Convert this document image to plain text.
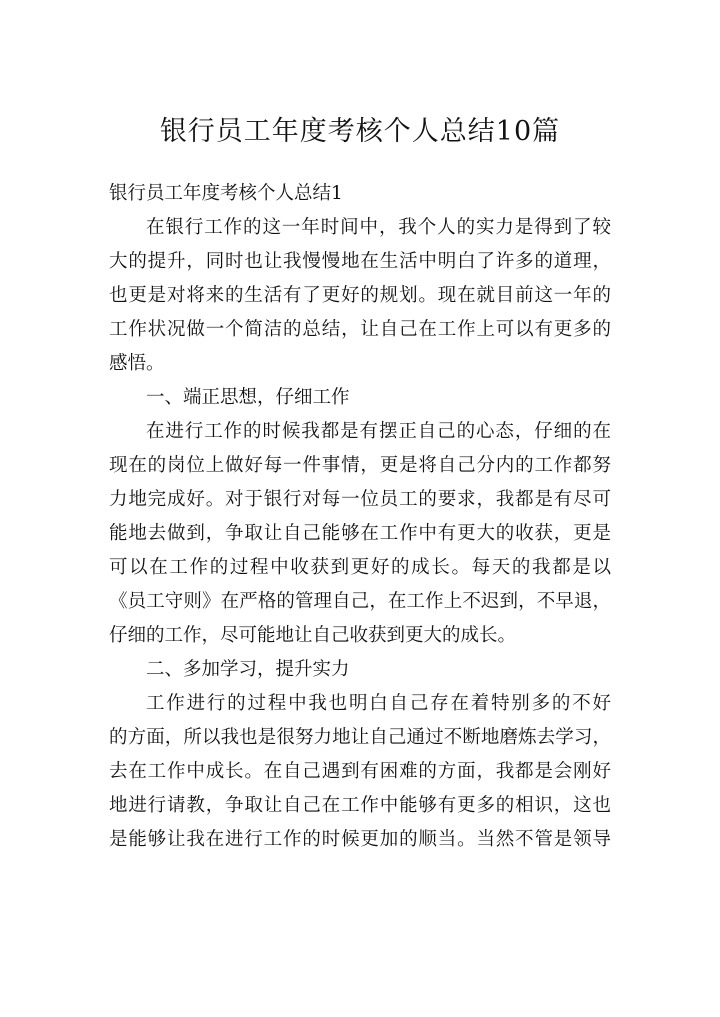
银行员工年度考核个人总结10篇

银行员工年度考核个人总结1

在银行工作的这一年时间中，我个人的实力是得到了较
大的提升，同时也让我慢慢地在生活中明白了许多的道理，
也更是对将来的生活有了更好的规划。现在就目前这一年的
工作状况做一个简洁的总结，让自己在工作上可以有更多的
感悟。

一、端正思想，仔细工作

在进行工作的时候我都是有摆正自己的心态，仔细的在
现在的岗位上做好每一件事情，更是将自己分内的工作都努
力地完成好。对于银行对每一位员工的要求，我都是有尽可
能地去做到，争取让自己能够在工作中有更大的收获，更是
可以在工作的过程中收获到更好的成长。每天的我都是以
《员工守则》在严格的管理自己，在工作上不迟到，不早退，
仔细的工作，尽可能地让自己收获到更大的成长。

二、多加学习，提升实力

工作进行的过程中我也明白自己存在着特别多的不好
的方面，所以我也是很努力地让自己通过不断地磨炼去学习，
去在工作中成长。在自己遇到有困难的方面，我都是会刚好
地进行请教，争取让自己在工作中能够有更多的相识，这也
是能够让我在进行工作的时候更加的顺当。当然不管是领导
